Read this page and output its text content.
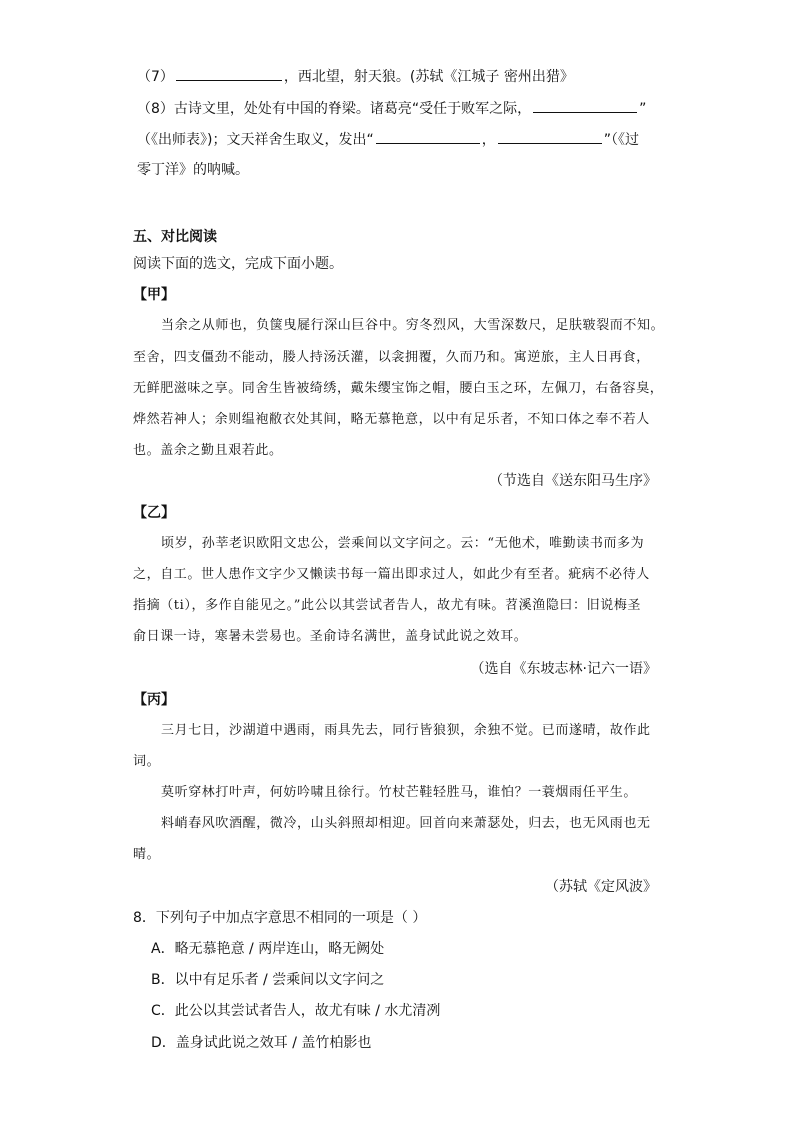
（7）	，西北望，射天狼。(苏轼《江城子 密州出猎》
（8）古诗文里，处处有中国的脊梁。诸葛亮“受任于败军之际，	”
（《出师表》)；文天祥舍生取义，发出“	，	”（《过
零丁洋》的呐喊。
五、对比阅读
阅读下面的选文，完成下面小题。
【甲】
当余之从师也，负箧曳屣行深山巨谷中。穷冬烈风，大雪深数尺，足肤皲裂而不知。
至舍，四支僵劲不能动，媵人持汤沃灌，以衾拥覆，久而乃和。寓逆旅，主人日再食，
无鲜肥滋味之享。同舍生皆被绮绣，戴朱缨宝饰之帽，腰白玉之环，左佩刀，右备容臭，
烨然若神人；余则缊袍敝衣处其间，略无慕艳意，以中有足乐者，不知口体之奉不若人
也。盖余之勤且艰若此。
（节选自《送东阳马生序》
【乙】
顷岁，孙莘老识欧阳文忠公，尝乘间以文字问之。云：“无他术，唯勤读书而多为
之，自工。世人患作文字少又懒读书每一篇出即求过人，如此少有至者。疵病不必待人
指摘（ti），多作自能见之。”此公以其尝试者告人，故尤有味。苕溪渔隐曰：旧说梅圣
俞日课一诗，寒暑未尝易也。圣俞诗名满世，盖身试此说之效耳。
（选自《东坡志林·记六一语》
【丙】
三月七日，沙湖道中遇雨，雨具先去，同行皆狼狈，余独不觉。已而遂晴，故作此
词。
莫听穿林打叶声，何妨吟啸且徐行。竹杖芒鞋轻胜马，谁怕？一蓑烟雨任平生。
料峭春风吹酒醒，微冷，山头斜照却相迎。回首向来萧瑟处，归去，也无风雨也无
晴。
（苏轼《定风波》
8．下列句子中加点字意思不相同的一项是（ ）
A．略无慕艳意 / 两岸连山，略无阙处
B．以中有足乐者 / 尝乘间以文字问之
C．此公以其尝试者告人，故尤有味 / 水尤清冽
D．盖身试此说之效耳 / 盖竹柏影也
